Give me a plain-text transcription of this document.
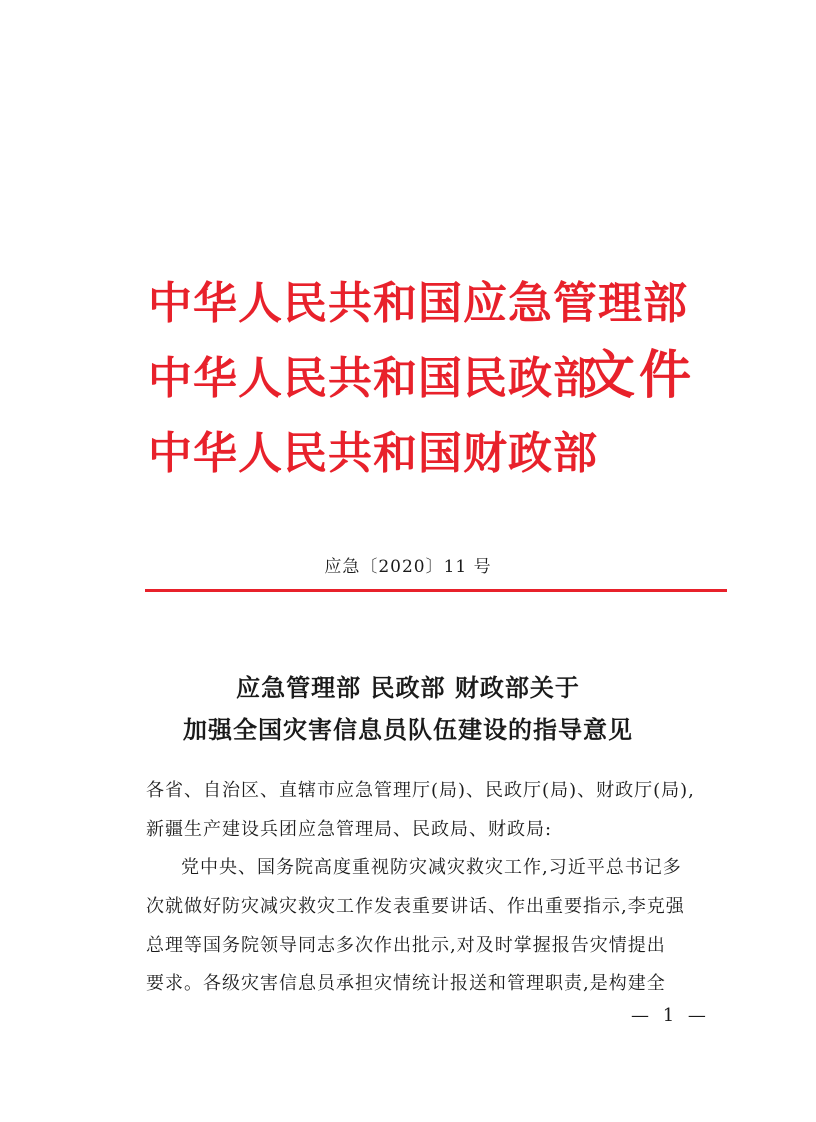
中华人民共和国应急管理部
中华人民共和国民政部
中华人民共和国财政部
文件
应急〔2020〕11 号
应急管理部 民政部 财政部关于
加强全国灾害信息员队伍建设的指导意见
各省、自治区、直辖市应急管理厅(局)、民政厅(局)、财政厅(局),
新疆生产建设兵团应急管理局、民政局、财政局:
党中央、国务院高度重视防灾减灾救灾工作,习近平总书记多
次就做好防灾减灾救灾工作发表重要讲话、作出重要指示,李克强
总理等国务院领导同志多次作出批示,对及时掌握报告灾情提出
要求。各级灾害信息员承担灾情统计报送和管理职责,是构建全
— 1 —
